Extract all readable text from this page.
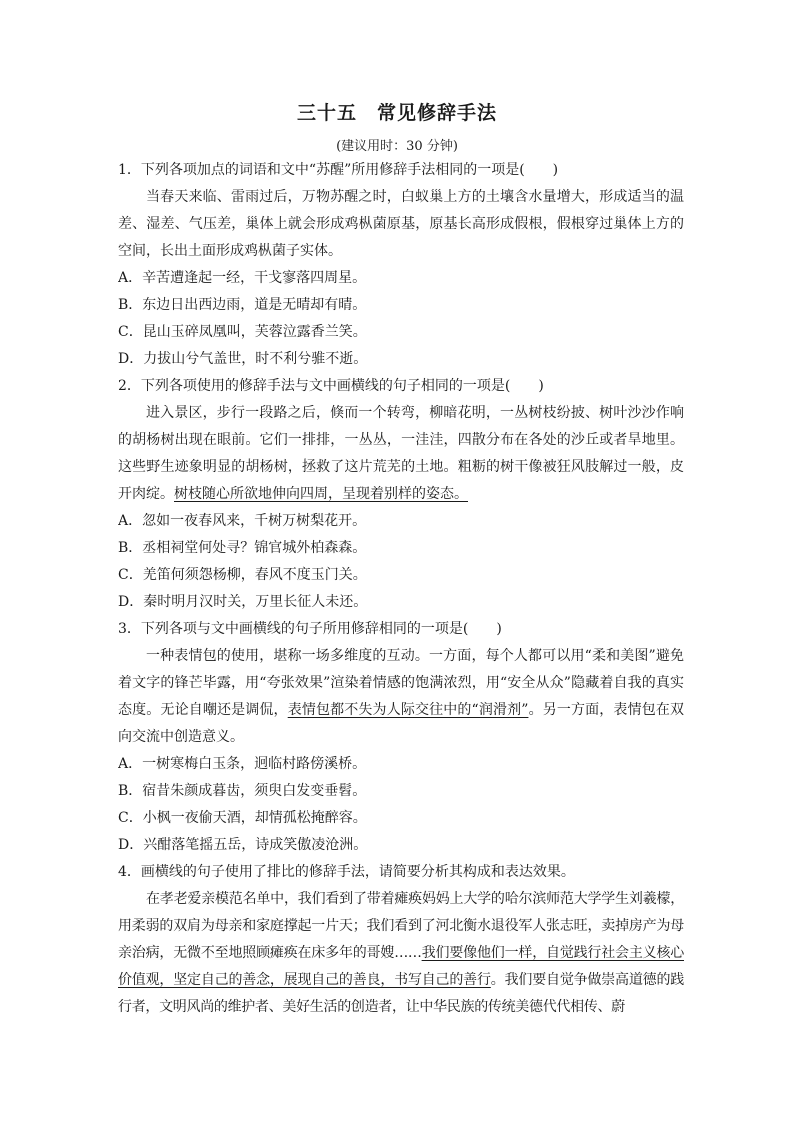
三十五　常见修辞手法
(建议用时：30 分钟)
1．下列各项加点的词语和文中“苏醒”所用修辞手法相同的一项是(　　)
当春天来临、雷雨过后，万物苏醒之时，白蚁巢上方的土壤含水量增大，形成适当的温差、湿差、气压差，巢体上就会形成鸡枞菌原基，原基长高形成假根，假根穿过巢体上方的空间，长出土面形成鸡枞菌子实体。
A．辛苦遭逢起一经，干戈寥落四周星。
B．东边日出西边雨，道是无晴却有晴。
C．昆山玉碎凤凰叫，芙蓉泣露香兰笑。
D．力拔山兮气盖世，时不利兮骓不逝。
2．下列各项使用的修辞手法与文中画横线的句子相同的一项是(　　)
进入景区，步行一段路之后，倏而一个转弯，柳暗花明，一丛树枝纷披、树叶沙沙作响的胡杨树出现在眼前。它们一排排，一丛丛，一洼洼，四散分布在各处的沙丘或者旱地里。这些野生迹象明显的胡杨树，拯救了这片荒芜的土地。粗粝的树干像被狂风肢解过一般，皮开肉绽。树枝随心所欲地伸向四周，呈现着别样的姿态。
A．忽如一夜春风来，千树万树梨花开。
B．丞相祠堂何处寻？锦官城外柏森森。
C．羌笛何须怨杨柳，春风不度玉门关。
D．秦时明月汉时关，万里长征人未还。
3．下列各项与文中画横线的句子所用修辞相同的一项是(　　)
一种表情包的使用，堪称一场多维度的互动。一方面，每个人都可以用“柔和美图”避免着文字的锋芒毕露，用“夸张效果”渲染着情感的饱满浓烈，用“安全从众”隐藏着自我的真实态度。无论自嘲还是调侃，表情包都不失为人际交往中的“润滑剂”。另一方面，表情包在双向交流中创造意义。
A．一树寒梅白玉条，迥临村路傍溪桥。
B．宿昔朱颜成暮齿，须臾白发变垂髫。
C．小枫一夜偷天酒，却情孤松掩醉容。
D．兴酣落笔摇五岳，诗成笑傲凌沧洲。
4．画横线的句子使用了排比的修辞手法，请简要分析其构成和表达效果。
在孝老爱亲模范名单中，我们看到了带着瘫痪妈妈上大学的哈尔滨师范大学学生刘羲檬，用柔弱的双肩为母亲和家庭撑起一片天；我们看到了河北衡水退役军人张志旺，卖掉房产为母亲治病，无微不至地照顾瘫痪在床多年的哥嫂……我们要像他们一样，自觉践行社会主义核心价值观，坚定自己的善念，展现自己的善良，书写自己的善行。我们要自觉争做崇高道德的践行者，文明风尚的维护者、美好生活的创造者，让中华民族的传统美德代代相传、蔚
